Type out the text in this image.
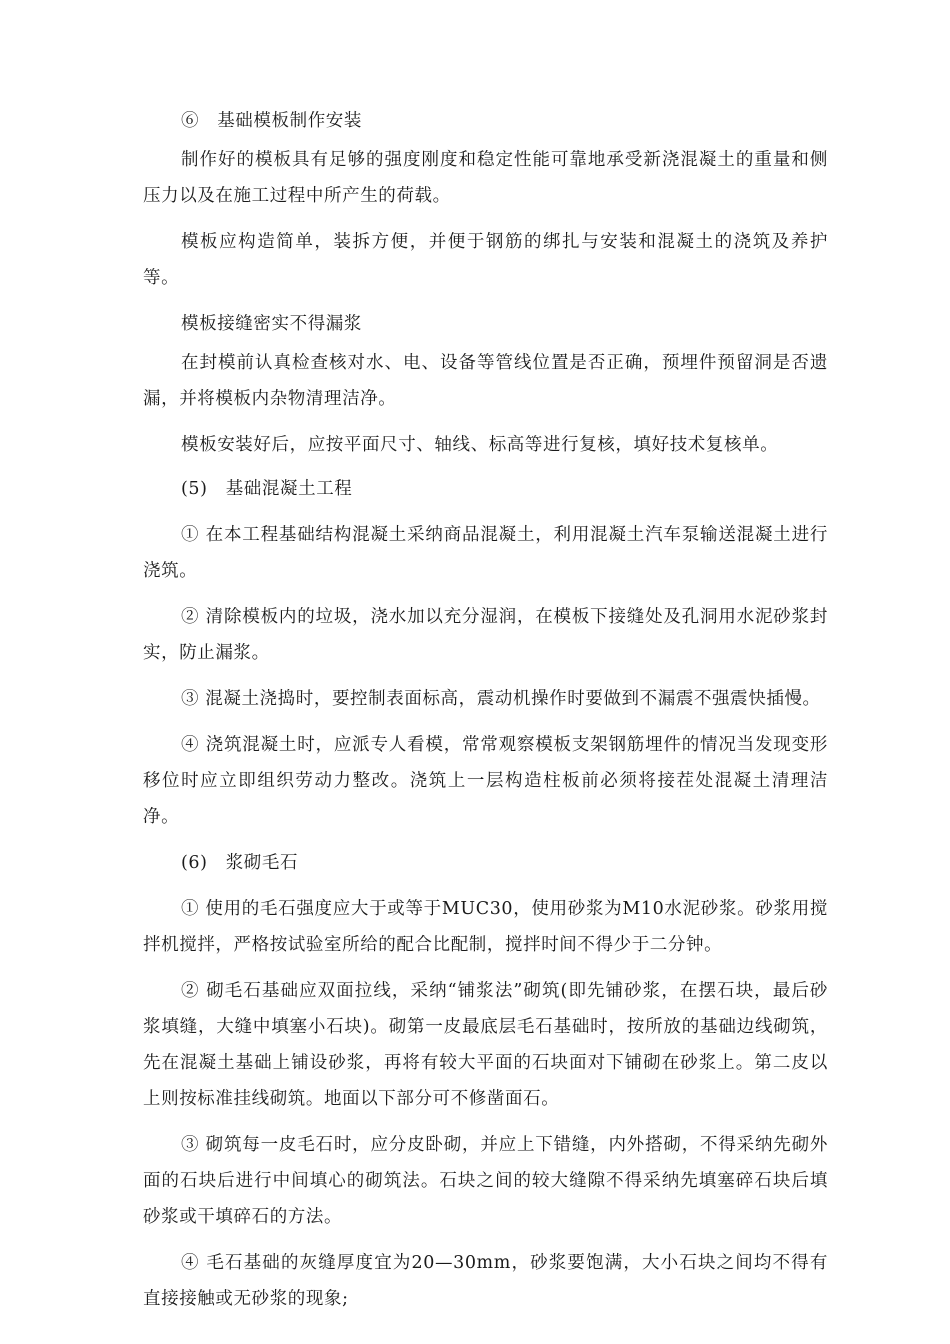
⑥　基础模板制作安装

制作好的模板具有足够的强度刚度和稳定性能可靠地承受新浇混凝土的重量和侧压力以及在施工过程中所产生的荷载。

模板应构造简单，装拆方便，并便于钢筋的绑扎与安装和混凝土的浇筑及养护等。

模板接缝密实不得漏浆

在封模前认真检查核对水、电、设备等管线位置是否正确，预埋件预留洞是否遗漏，并将模板内杂物清理洁净。

模板安装好后，应按平面尺寸、轴线、标高等进行复核，填好技术复核单。

(5)　基础混凝土工程

① 在本工程基础结构混凝土采纳商品混凝土，利用混凝土汽车泵输送混凝土进行浇筑。

② 清除模板内的垃圾，浇水加以充分湿润，在模板下接缝处及孔洞用水泥砂浆封实，防止漏浆。

③ 混凝土浇捣时，要控制表面标高，震动机操作时要做到不漏震不强震快插慢。

④ 浇筑混凝土时，应派专人看模，常常观察模板支架钢筋埋件的情况当发现变形移位时应立即组织劳动力整改。浇筑上一层构造柱板前必须将接茬处混凝土清理洁净。

(6)　浆砌毛石

① 使用的毛石强度应大于或等于MUC30，使用砂浆为M10水泥砂浆。砂浆用搅拌机搅拌，严格按试验室所给的配合比配制，搅拌时间不得少于二分钟。

② 砌毛石基础应双面拉线，采纳“铺浆法”砌筑(即先铺砂浆，在摆石块，最后砂浆填缝，大缝中填塞小石块)。砌第一皮最底层毛石基础时，按所放的基础边线砌筑，先在混凝土基础上铺设砂浆，再将有较大平面的石块面对下铺砌在砂浆上。第二皮以上则按标准挂线砌筑。地面以下部分可不修凿面石。

③ 砌筑每一皮毛石时，应分皮卧砌，并应上下错缝，内外搭砌，不得采纳先砌外面的石块后进行中间填心的砌筑法。石块之间的较大缝隙不得采纳先填塞碎石块后填砂浆或干填碎石的方法。

④ 毛石基础的灰缝厚度宜为20—30mm，砂浆要饱满，大小石块之间均不得有直接接触或无砂浆的现象;
